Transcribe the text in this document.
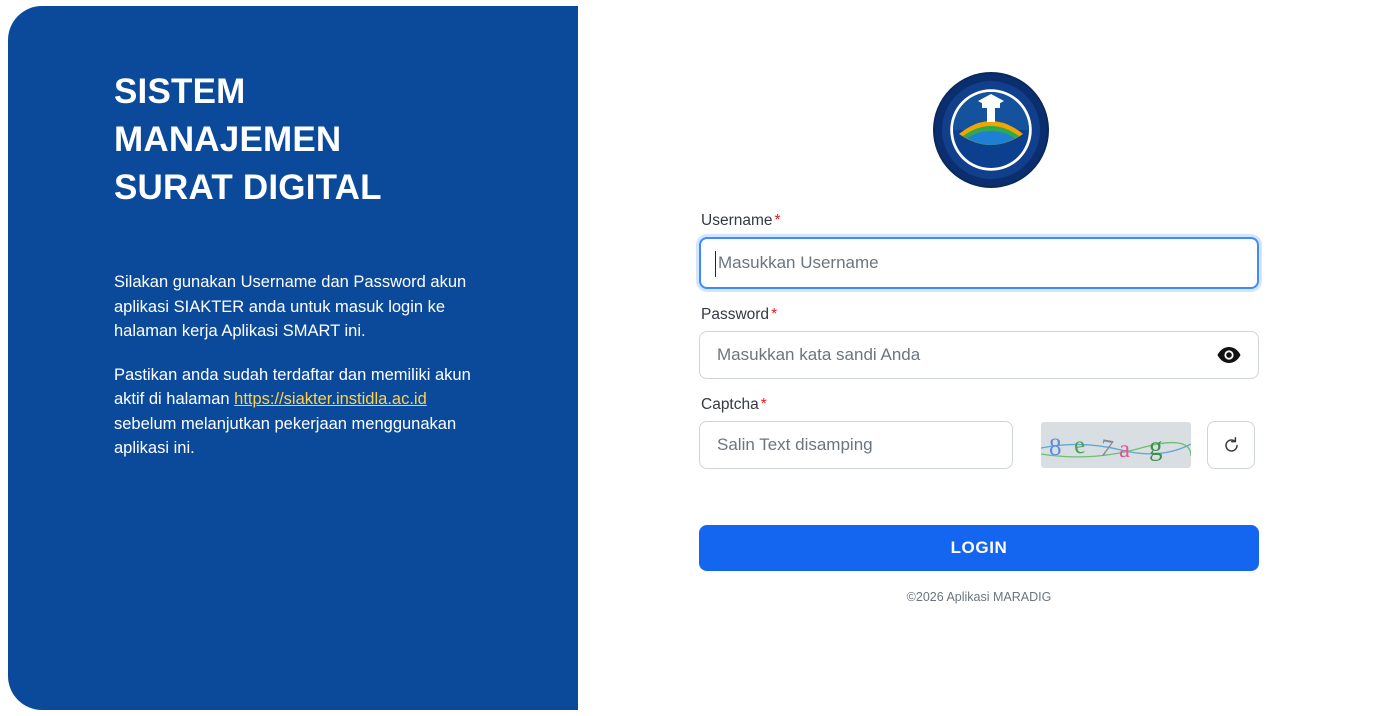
SISTEM
MANAJEMEN
SURAT DIGITAL

Silakan gunakan Username dan Password akun aplikasi SIAKTER anda untuk masuk login ke halaman kerja Aplikasi SMART ini.

Pastikan anda sudah terdaftar dan memiliki akun aktif di halaman https://siakter.instidla.ac.id sebelum melanjutkan pekerjaan menggunakan aplikasi ini.

Username *
Masukkan Username
Password *
Masukkan kata sandi Anda
Captcha *
Salin Text disamping	8 e 7 a g
LOGIN
©2026 Aplikasi MARADIG
